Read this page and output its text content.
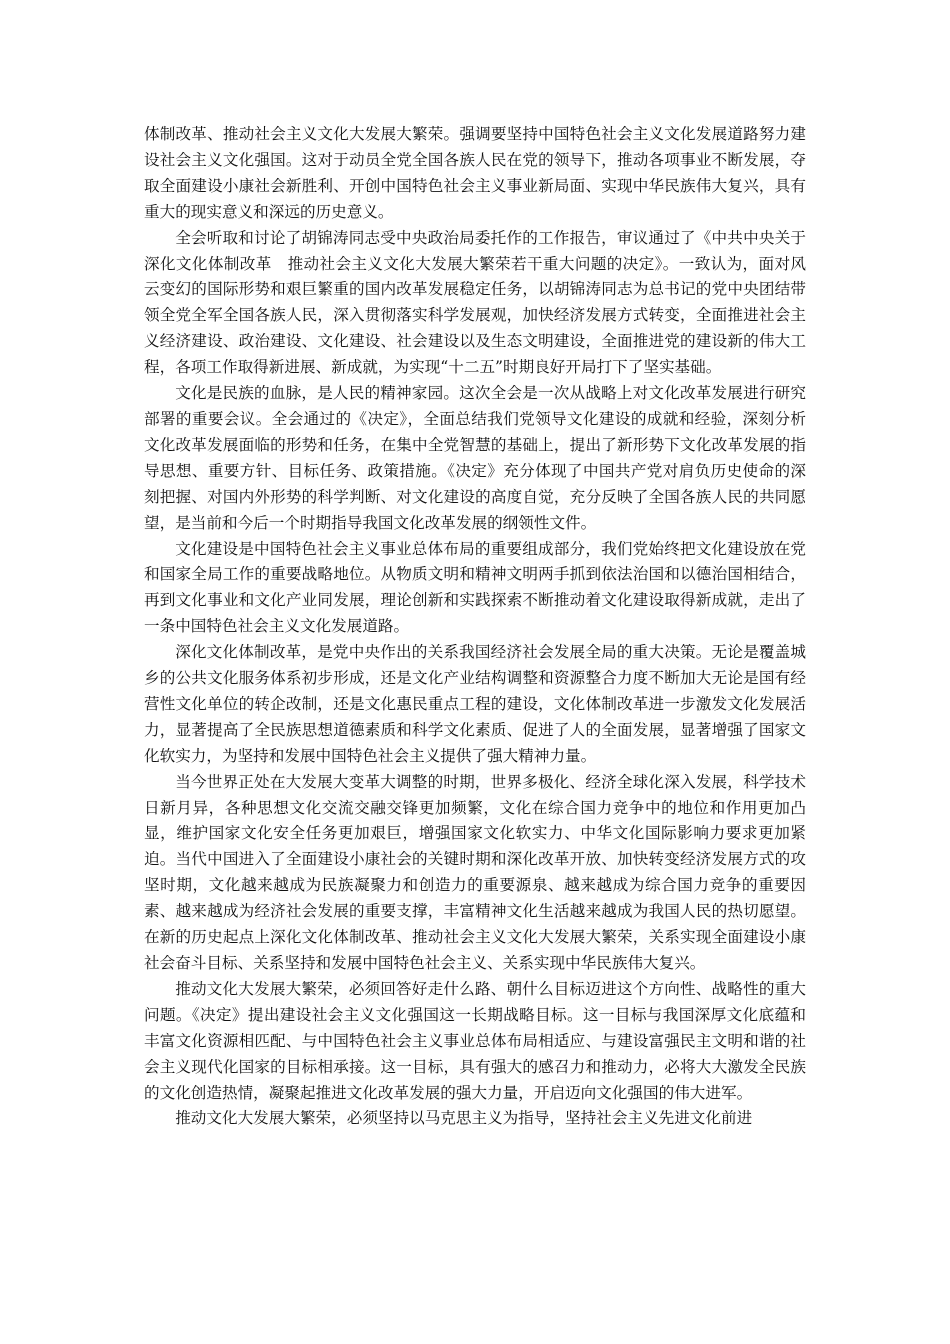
体制改革、推动社会主义文化大发展大繁荣。强调要坚持中国特色社会主义文化发展道路努力建设社会主义文化强国。这对于动员全党全国各族人民在党的领导下，推动各项事业不断发展，夺取全面建设小康社会新胜利、开创中国特色社会主义事业新局面、实现中华民族伟大复兴，具有重大的现实意义和深远的历史意义。

全会听取和讨论了胡锦涛同志受中央政治局委托作的工作报告，审议通过了《中共中央关于深化文化体制改革　推动社会主义文化大发展大繁荣若干重大问题的决定》。一致认为，面对风云变幻的国际形势和艰巨繁重的国内改革发展稳定任务，以胡锦涛同志为总书记的党中央团结带领全党全军全国各族人民，深入贯彻落实科学发展观，加快经济发展方式转变，全面推进社会主义经济建设、政治建设、文化建设、社会建设以及生态文明建设，全面推进党的建设新的伟大工程，各项工作取得新进展、新成就，为实现“十二五”时期良好开局打下了坚实基础。

文化是民族的血脉，是人民的精神家园。这次全会是一次从战略上对文化改革发展进行研究部署的重要会议。全会通过的《决定》，全面总结我们党领导文化建设的成就和经验，深刻分析文化改革发展面临的形势和任务，在集中全党智慧的基础上，提出了新形势下文化改革发展的指导思想、重要方针、目标任务、政策措施。《决定》充分体现了中国共产党对肩负历史使命的深刻把握、对国内外形势的科学判断、对文化建设的高度自觉，充分反映了全国各族人民的共同愿望，是当前和今后一个时期指导我国文化改革发展的纲领性文件。

文化建设是中国特色社会主义事业总体布局的重要组成部分，我们党始终把文化建设放在党和国家全局工作的重要战略地位。从物质文明和精神文明两手抓到依法治国和以德治国相结合，再到文化事业和文化产业同发展，理论创新和实践探索不断推动着文化建设取得新成就，走出了一条中国特色社会主义文化发展道路。

深化文化体制改革，是党中央作出的关系我国经济社会发展全局的重大决策。无论是覆盖城乡的公共文化服务体系初步形成，还是文化产业结构调整和资源整合力度不断加大无论是国有经营性文化单位的转企改制，还是文化惠民重点工程的建设，文化体制改革进一步激发文化发展活力，显著提高了全民族思想道德素质和科学文化素质、促进了人的全面发展，显著增强了国家文化软实力，为坚持和发展中国特色社会主义提供了强大精神力量。

当今世界正处在大发展大变革大调整的时期，世界多极化、经济全球化深入发展，科学技术日新月异，各种思想文化交流交融交锋更加频繁，文化在综合国力竞争中的地位和作用更加凸显，维护国家文化安全任务更加艰巨，增强国家文化软实力、中华文化国际影响力要求更加紧迫。当代中国进入了全面建设小康社会的关键时期和深化改革开放、加快转变经济发展方式的攻坚时期，文化越来越成为民族凝聚力和创造力的重要源泉、越来越成为综合国力竞争的重要因素、越来越成为经济社会发展的重要支撑，丰富精神文化生活越来越成为我国人民的热切愿望。在新的历史起点上深化文化体制改革、推动社会主义文化大发展大繁荣，关系实现全面建设小康社会奋斗目标、关系坚持和发展中国特色社会主义、关系实现中华民族伟大复兴。

推动文化大发展大繁荣，必须回答好走什么路、朝什么目标迈进这个方向性、战略性的重大问题。《决定》提出建设社会主义文化强国这一长期战略目标。这一目标与我国深厚文化底蕴和丰富文化资源相匹配、与中国特色社会主义事业总体布局相适应、与建设富强民主文明和谐的社会主义现代化国家的目标相承接。这一目标，具有强大的感召力和推动力，必将大大激发全民族的文化创造热情，凝聚起推进文化改革发展的强大力量，开启迈向文化强国的伟大进军。

推动文化大发展大繁荣，必须坚持以马克思主义为指导，坚持社会主义先进文化前进
